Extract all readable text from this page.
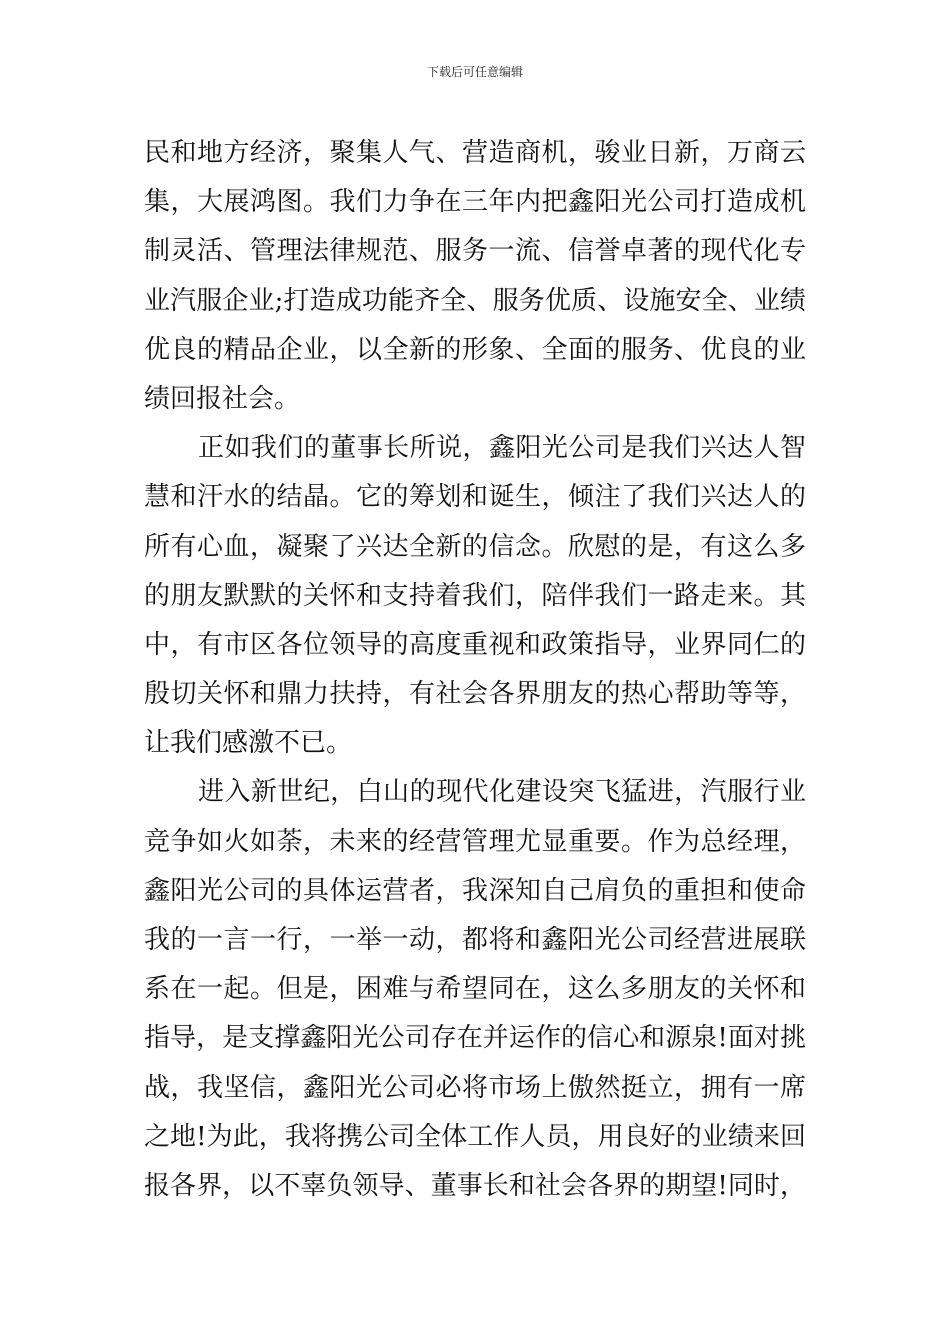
下载后可任意编辑
民和地方经济，聚集人气、营造商机，骏业日新，万商云
集，大展鸿图。我们力争在三年内把鑫阳光公司打造成机
制灵活、管理法律规范、服务一流、信誉卓著的现代化专
业汽服企业;打造成功能齐全、服务优质、设施安全、业绩
优良的精品企业，以全新的形象、全面的服务、优良的业
绩回报社会。
正如我们的董事长所说，鑫阳光公司是我们兴达人智
慧和汗水的结晶。它的筹划和诞生，倾注了我们兴达人的
所有心血，凝聚了兴达全新的信念。欣慰的是，有这么多
的朋友默默的关怀和支持着我们，陪伴我们一路走来。其
中，有市区各位领导的高度重视和政策指导，业界同仁的
殷切关怀和鼎力扶持，有社会各界朋友的热心帮助等等，
让我们感激不已。
进入新世纪，白山的现代化建设突飞猛进，汽服行业
竞争如火如荼，未来的经营管理尤显重要。作为总经理，
鑫阳光公司的具体运营者，我深知自己肩负的重担和使命
我的一言一行，一举一动，都将和鑫阳光公司经营进展联
系在一起。但是，困难与希望同在，这么多朋友的关怀和
指导，是支撑鑫阳光公司存在并运作的信心和源泉!面对挑
战，我坚信，鑫阳光公司必将市场上傲然挺立，拥有一席
之地!为此，我将携公司全体工作人员，用良好的业绩来回
报各界，以不辜负领导、董事长和社会各界的期望!同时，
